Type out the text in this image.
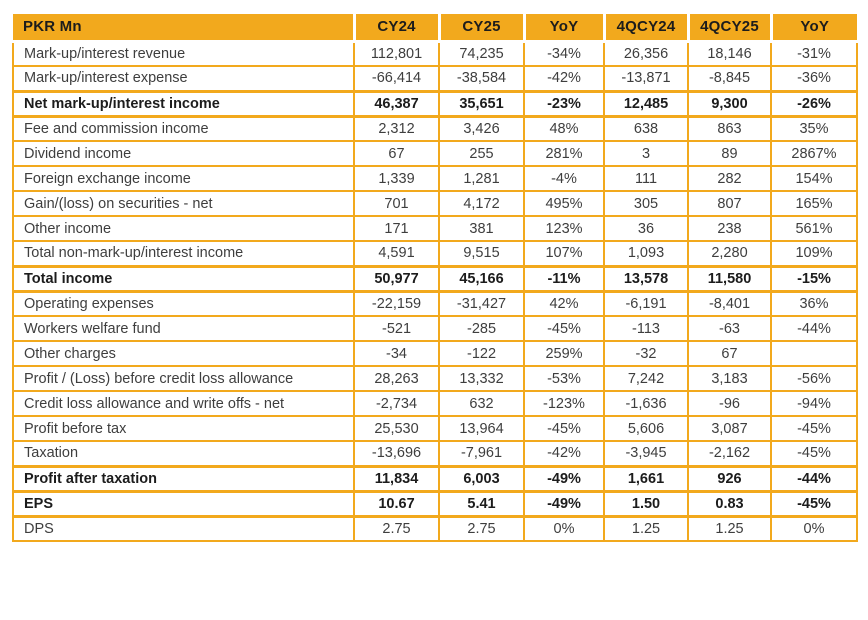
PKR Mn	CY24	CY25	YoY	4QCY24	4QCY25	YoY
Mark-up/interest revenue	112,801	74,235	-34%	26,356	18,146	-31%
Mark-up/interest expense	-66,414	-38,584	-42%	-13,871	-8,845	-36%
Net mark-up/interest income	46,387	35,651	-23%	12,485	9,300	-26%
Fee and commission income	2,312	3,426	48%	638	863	35%
Dividend income	67	255	281%	3	89	2867%
Foreign exchange income	1,339	1,281	-4%	111	282	154%
Gain/(loss) on securities - net	701	4,172	495%	305	807	165%
Other income	171	381	123%	36	238	561%
Total non-mark-up/interest income	4,591	9,515	107%	1,093	2,280	109%
Total income	50,977	45,166	-11%	13,578	11,580	-15%
Operating expenses	-22,159	-31,427	42%	-6,191	-8,401	36%
Workers welfare fund	-521	-285	-45%	-113	-63	-44%
Other charges	-34	-122	259%	-32	67	
Profit / (Loss) before credit loss allowance	28,263	13,332	-53%	7,242	3,183	-56%
Credit loss allowance and write offs - net	-2,734	632	-123%	-1,636	-96	-94%
Profit before tax	25,530	13,964	-45%	5,606	3,087	-45%
Taxation	-13,696	-7,961	-42%	-3,945	-2,162	-45%
Profit after taxation	11,834	6,003	-49%	1,661	926	-44%
EPS	10.67	5.41	-49%	1.50	0.83	-45%
DPS	2.75	2.75	0%	1.25	1.25	0%
